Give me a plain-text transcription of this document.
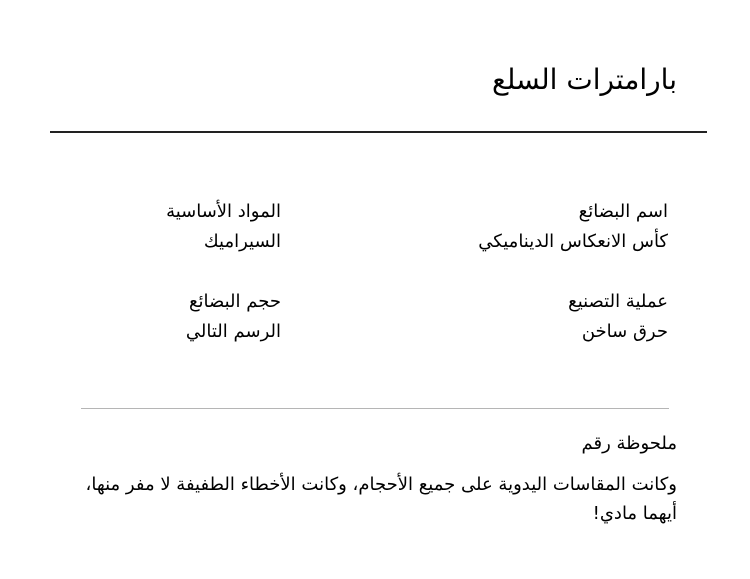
بارامترات السلع
اسم البضائع
كأس الانعكاس الديناميكي
المواد الأساسية
السيراميك
عملية التصنيع
حرق ساخن
حجم البضائع
الرسم التالي
ملحوظة رقم

وكانت المقاسات اليدوية على جميع الأحجام، وكانت الأخطاء الطفيفة لا مفر منها، أيهما مادي!
